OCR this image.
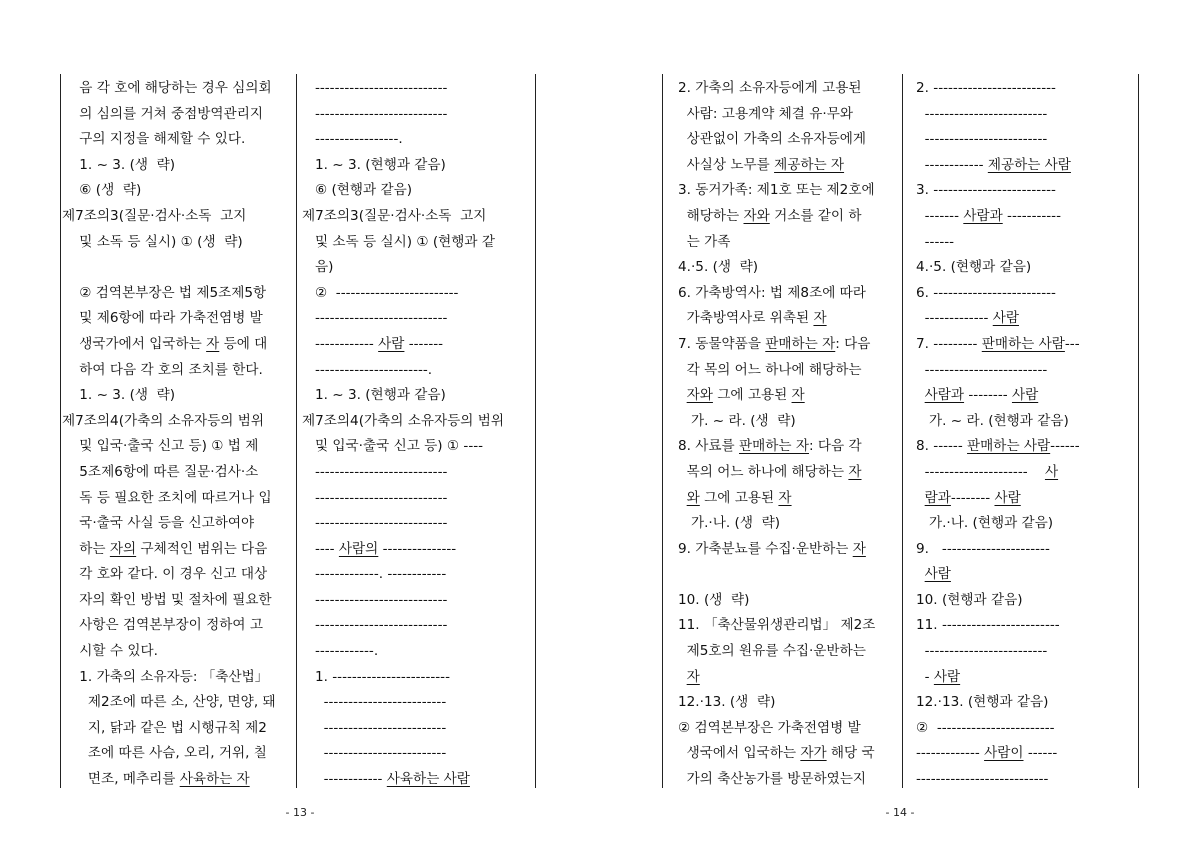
음 각 호에 해당하는 경우 심의회
의 심의를 거쳐 중점방역관리지
구의 지정을 해제할 수 있다.
1. ~ 3. (생  략)
⑥ (생  략)
제7조의3(질문·검사·소독  고지
및 소독 등 실시) ① (생  략)
② 검역본부장은 법 제5조제5항
및 제6항에 따라 가축전염병 발
생국가에서 입국하는 자 등에 대
하여 다음 각 호의 조치를 한다.
1. ~ 3. (생  략)
제7조의4(가축의 소유자등의 범위
및 입국·출국 신고 등) ① 법 제
5조제6항에 따른 질문·검사·소
독 등 필요한 조치에 따르거나 입
국·출국 사실 등을 신고하여야
하는 자의 구체적인 범위는 다음
각 호와 같다. 이 경우 신고 대상
자의 확인 방법 및 절차에 필요한
사항은 검역본부장이 정하여 고
시할 수 있다.
1. 가축의 소유자등: 「축산법」
제2조에 따른 소, 산양, 면양, 돼
지, 닭과 같은 법 시행규칙 제2
조에 따른 사슴, 오리, 거위, 칠
면조, 메추리를 사육하는 자
---------------------------
---------------------------
-----------------.
1. ~ 3. (현행과 같음)
⑥ (현행과 같음)
제7조의3(질문·검사·소독  고지
및 소독 등 실시) ① (현행과 같
음)
②  -------------------------
---------------------------
------------ 사람 -------
-----------------------.
1. ~ 3. (현행과 같음)
제7조의4(가축의 소유자등의 범위
및 입국·출국 신고 등) ① ----
---------------------------
---------------------------
---------------------------
---- 사람의 ---------------
-------------. ------------
---------------------------
---------------------------
------------.
1. ------------------------
-------------------------
-------------------------
-------------------------
------------ 사육하는 사람
- 13 -
2. 가축의 소유자등에게 고용된
사람: 고용계약 체결 유·무와
상관없이 가축의 소유자등에게
사실상 노무를 제공하는 자
3. 동거가족: 제1호 또는 제2호에
해당하는 자와 거소를 같이 하
는 가족
4.·5. (생  략)
6. 가축방역사: 법 제8조에 따라
가축방역사로 위촉된 자
7. 동물약품을 판매하는 자: 다음
각 목의 어느 하나에 해당하는
자와 그에 고용된 자
가. ~ 라. (생  략)
8. 사료를 판매하는 자: 다음 각
목의 어느 하나에 해당하는 자
와 그에 고용된 자
가.·나. (생  략)
9. 가축분뇨를 수집·운반하는 자
10. (생  략)
11. 「축산물위생관리법」 제2조
제5호의 원유를 수집·운반하는
자
12.·13. (생  략)
② 검역본부장은 가축전염병 발
생국에서 입국하는 자가 해당 국
가의 축산농가를 방문하였는지
2. -------------------------
-------------------------
-------------------------
------------ 제공하는 사람
3. -------------------------
------- 사람과 -----------
------
4.·5. (현행과 같음)
6. -------------------------
------------- 사람
7. --------- 판매하는 사람---
-------------------------
사람과 -------- 사람
가. ~ 라. (현행과 같음)
8. ------ 판매하는 사람------
---------------------    사
람과-------- 사람
가.·나. (현행과 같음)
9.   ----------------------
사람
10. (현행과 같음)
11. ------------------------
-------------------------
- 사람
12.·13. (현행과 같음)
②  ------------------------
------------- 사람이 ------
---------------------------
- 14 -
